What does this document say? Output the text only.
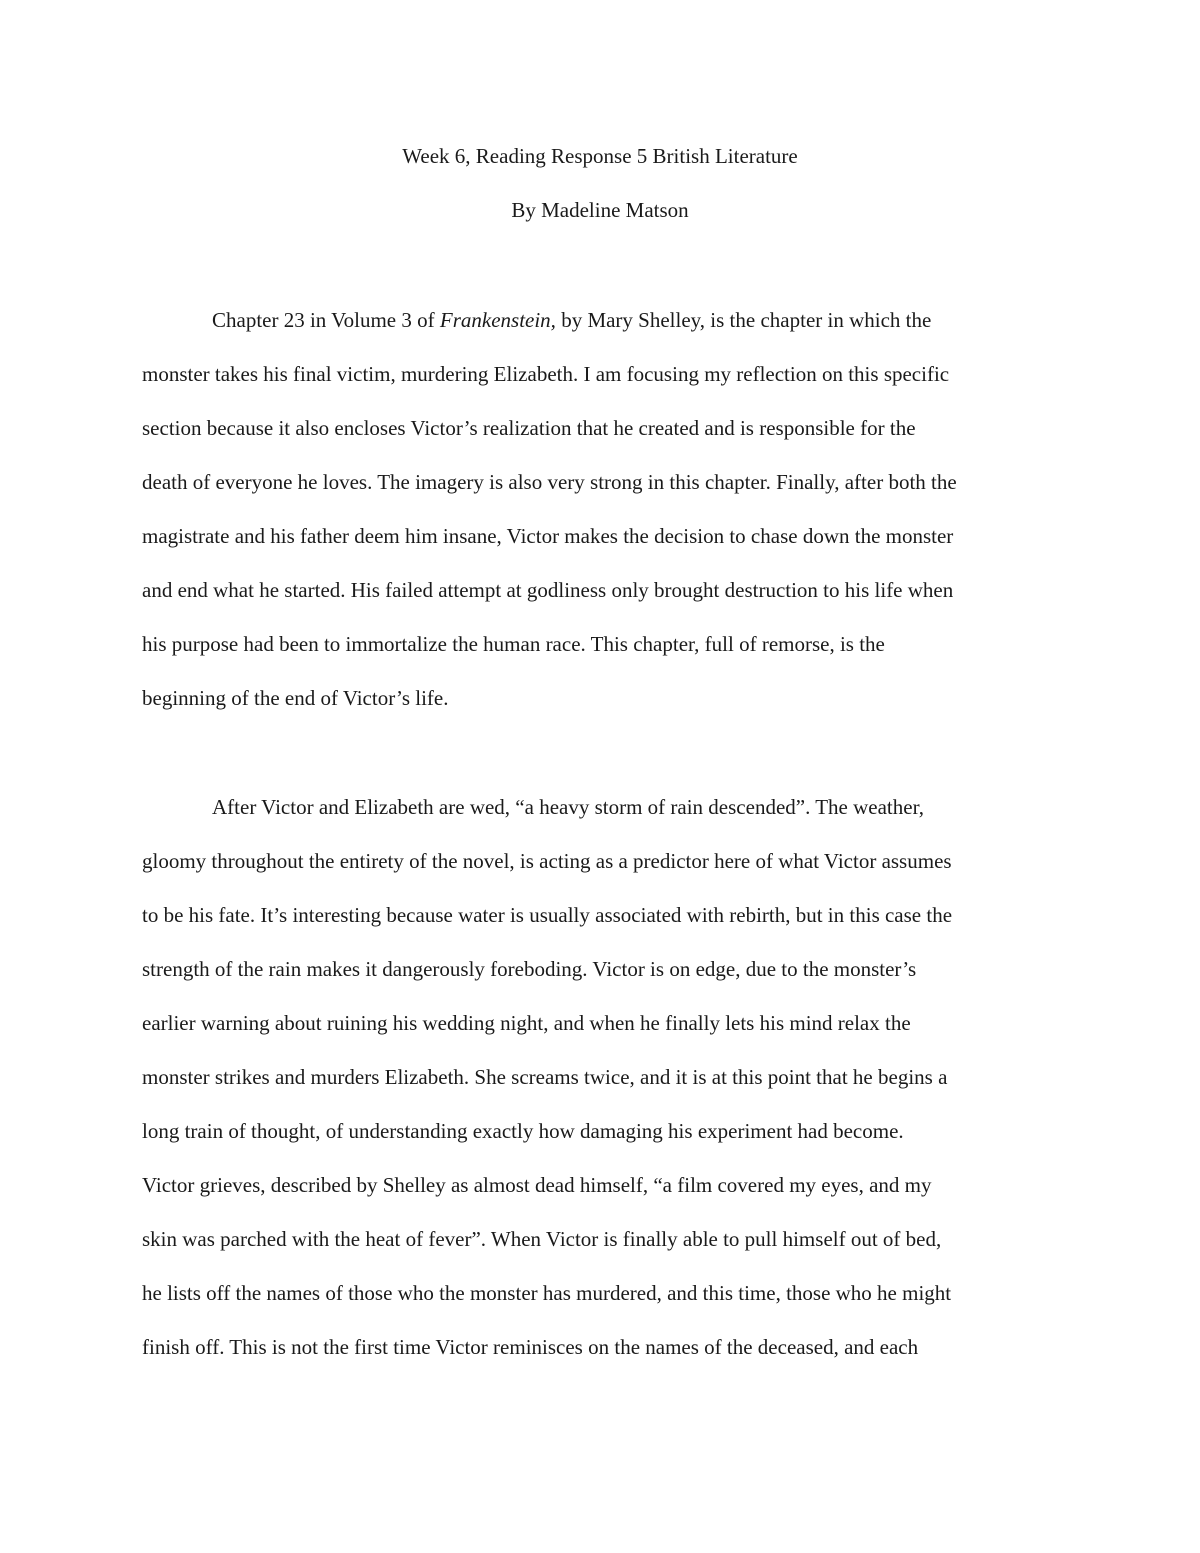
Week 6, Reading Response 5 British Literature
By Madeline Matson
Chapter 23 in Volume 3 of Frankenstein, by Mary Shelley, is the chapter in which the
monster takes his final victim, murdering Elizabeth. I am focusing my reflection on this specific
section because it also encloses Victor’s realization that he created and is responsible for the
death of everyone he loves. The imagery is also very strong in this chapter. Finally, after both the
magistrate and his father deem him insane, Victor makes the decision to chase down the monster
and end what he started. His failed attempt at godliness only brought destruction to his life when
his purpose had been to immortalize the human race. This chapter, full of remorse, is the
beginning of the end of Victor’s life.
After Victor and Elizabeth are wed, “a heavy storm of rain descended”. The weather,
gloomy throughout the entirety of the novel, is acting as a predictor here of what Victor assumes
to be his fate. It’s interesting because water is usually associated with rebirth, but in this case the
strength of the rain makes it dangerously foreboding. Victor is on edge, due to the monster’s
earlier warning about ruining his wedding night, and when he finally lets his mind relax the
monster strikes and murders Elizabeth. She screams twice, and it is at this point that he begins a
long train of thought, of understanding exactly how damaging his experiment had become.
Victor grieves, described by Shelley as almost dead himself, “a film covered my eyes, and my
skin was parched with the heat of fever”. When Victor is finally able to pull himself out of bed,
he lists off the names of those who the monster has murdered, and this time, those who he might
finish off. This is not the first time Victor reminisces on the names of the deceased, and each
